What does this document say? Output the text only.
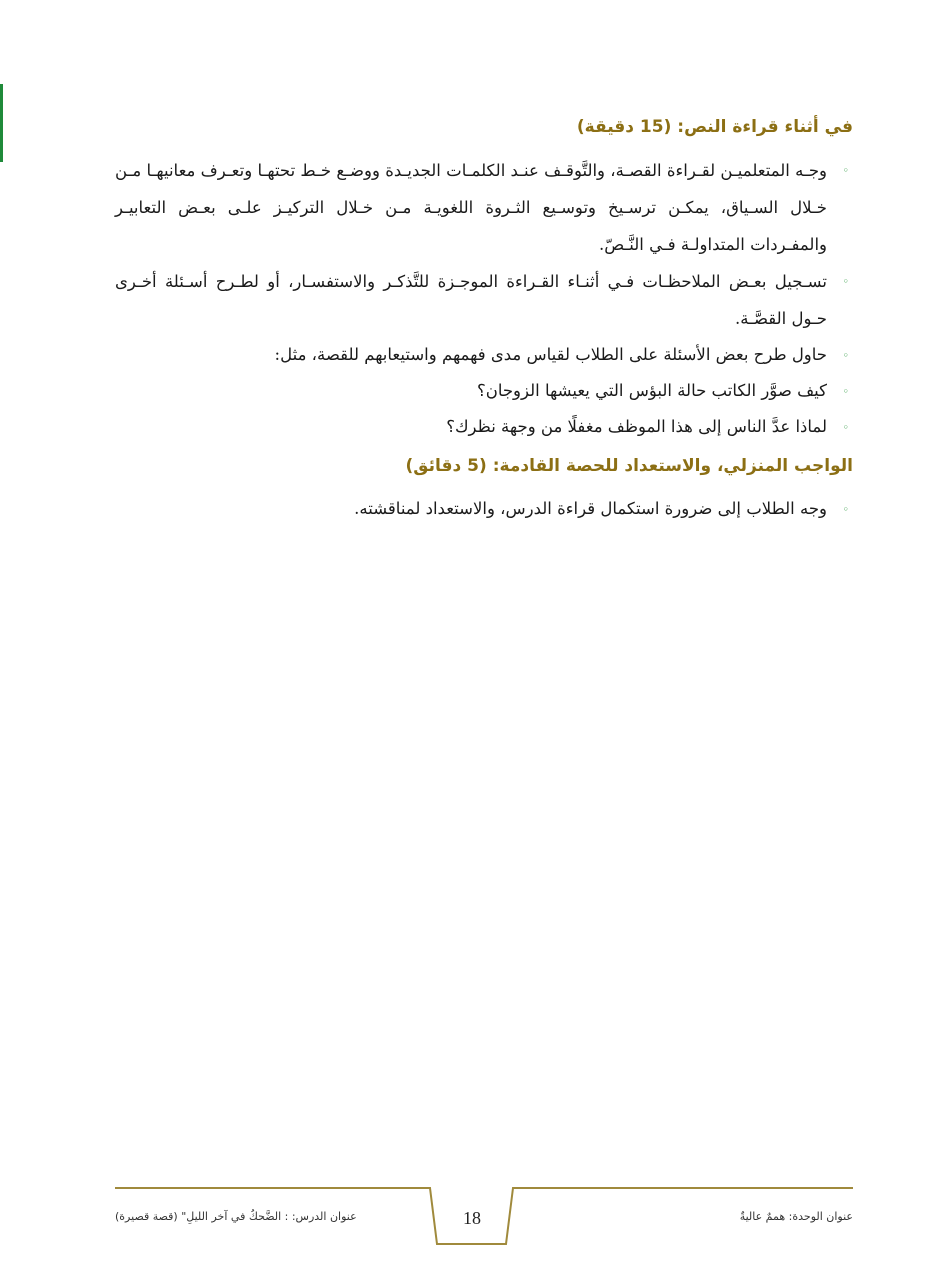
في أثناء قراءة النص: (15 دقيقة)
◦
وجـه المتعلميـن لقـراءة القصـة، والتَّوقـف عنـد الكلمـات الجديـدة ووضـع خـط تحتهـا وتعـرف معانيهـا مـن خـلال السـياق، يمكـن ترسـيخ وتوسـيع الثـروة اللغويـة مـن خـلال التركيـز علـى بعـض التعابيـر والمفـردات المتداولـة فـي النَّـصّ.
◦
تسـجيل بعـض الملاحظـات فـي أثنـاء القـراءة الموجـزة للتَّذكـر والاستفسـار، أو لطـرح أسـئلة أخـرى حـول القصَّـة.
◦
حاول طرح بعض الأسئلة على الطلاب لقياس مدى فهمهم واستيعابهم للقصة، مثل:
◦
كيف صوَّر الكاتب حالة البؤس التي يعيشها الزوجان؟
◦
لماذا عدَّ الناس إلى هذا الموظف مغفلًا من وجهة نظرك؟
الواجب المنزلي، والاستعداد للحصة القادمة: (5 دقائق)
◦
وجه الطلاب إلى ضرورة استكمال قراءة الدرس، والاستعداد لمناقشته.
عنوان الوحدة: هممٌ عاليةٌ
عنوان الدرس: : الضَّحكُ في آخر الليلِ" (قصة قصيرة)	18
